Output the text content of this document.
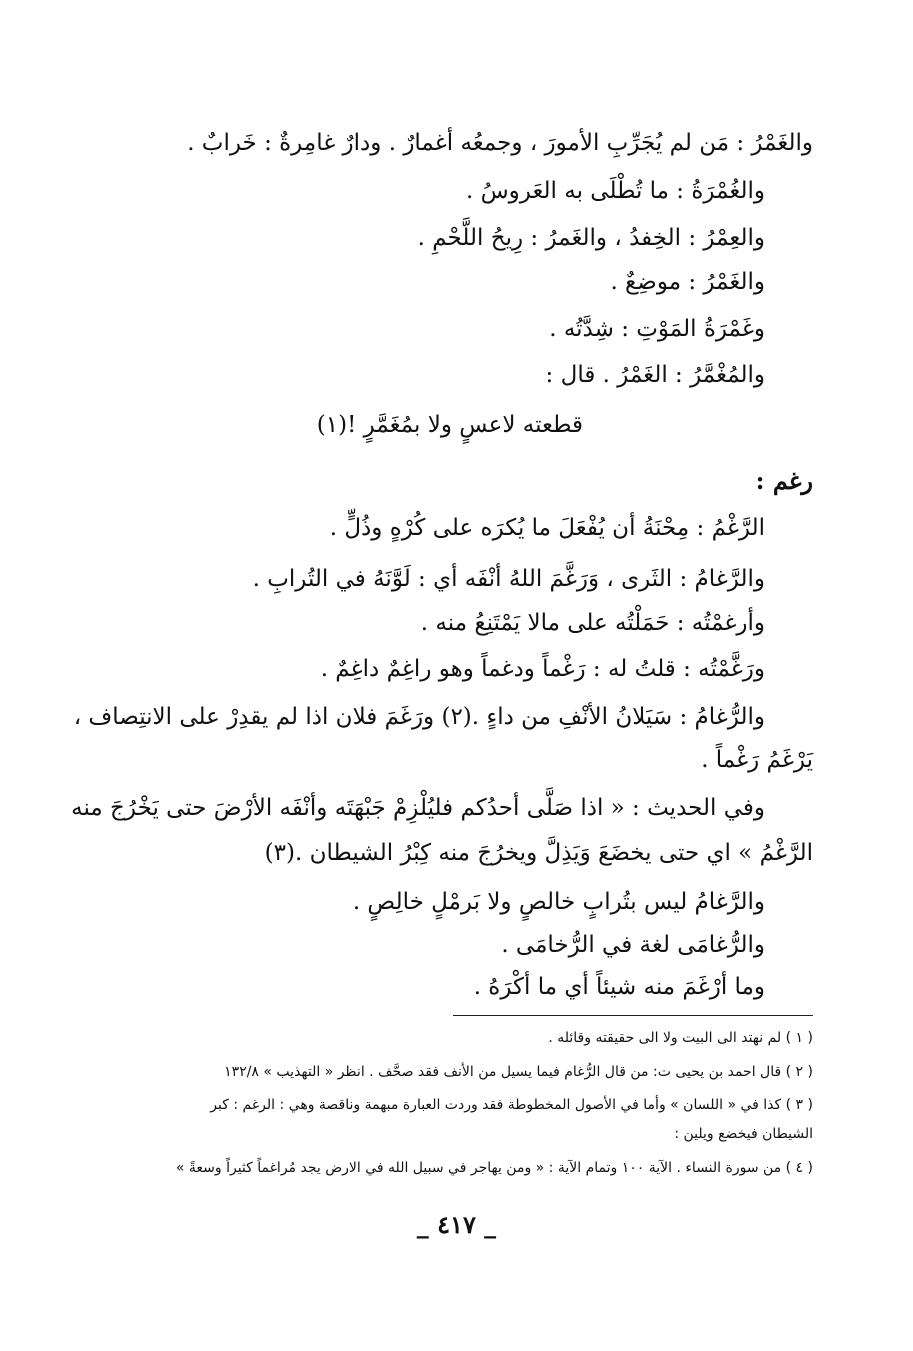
والغَمْرُ : مَن لم يُجَرِّبِ الأمورَ ، وجمعُه أغمارٌ . ودارٌ غامِرةٌ : خَرابٌ .
والغُمْرَةُ : ما تُطْلَى به العَروسُ .
والعِمْرُ : الخِفدُ ، والغَمرُ : رِيحُ اللَّحْمِ .
والغَمْرُ : موضِعٌ .
وغَمْرَةُ المَوْتِ : شِدَّتُه .
والمُغْمَّرُ : الغَمْرُ . قال :
قطعته لاعسٍ ولا بمُغَمَّرٍ !(١)
رغم :
الرَّغْمُ : مِحْنَةُ أن يُفْعَلَ ما يُكرَه على كُرْهٍ وذُلٍّ .
والرَّغامُ : الثَرى ، وَرَغَّمَ اللهُ أنْفَه أي : لَوَّنَهُ في التُرابِ .
وأرغمْتُه : حَمَلْتُه على مالا يَمْتَنِعُ منه .
ورَغَّمْتُه : قلتُ له : رَغْماً ودغماً وهو راغِمٌ داغِمٌ .
والرُّغامُ : سَيَلانُ الأنْفِ من داءٍ .(٢) ورَغَمَ فلان اذا لم يقدِرْ على الانتِصاف ،
يَرْغَمُ رَغْماً .
وفي الحديث : « اذا صَلَّى أحدُكم فليُلْزِمْ جَبْهَتَه وأنْفَه الأرْضَ حتى يَخْرُجَ منه
الرَّغْمُ » اي حتى يخضَعَ وَيَذِلَّ ويخرُجَ منه كِبْرُ الشيطان .(٣)
والرَّغامُ ليس بتُرابٍ خالصٍ ولا بَرمْلٍ خالِصٍ .
والرُّغامَى لغة في الرُّخامَى .
وما أرْغَمَ منه شيئاً أي ما أكْرَهُ .
( ١ ) لم نهتد الى البيت ولا الى حقيقته وقائله .
( ٢ ) قال احمد بن يحيى ت: من قال الرُّغام فيما يسيل من الأنف فقد صحَّف . انظر « التهذيب » ١٣٢/٨
( ٣ ) كذا في « اللسان » وأما في الأصول المخطوطة فقد وردت العبارة مبهمة وناقصة وهي : الرغم : كبر
الشيطان فيخضع ويلين :
( ٤ ) من سورة النساء . الآية ١٠٠ وتمام الآية : « ومن يهاجر في سبيل الله في الارض يجد مُراغماً كثيراً وسعةً »
_ ٤١٧ _
